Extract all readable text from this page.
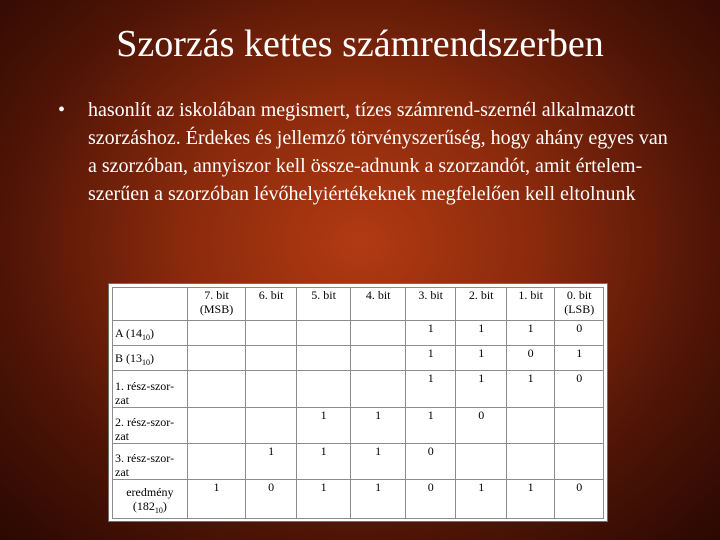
Szorzás kettes számrendszerben
• hasonlít az iskolában megismert, tízes számrend-szernél alkalmazott szorzáshoz. Érdekes és jellemző törvényszerűség, hogy ahány egyes van a szorzóban, annyiszor kell össze-adnunk a szorzandót, amit értelem-szerűen a szorzóban lévőhelyiértékeknek megfelelően kell eltolnunk
	7. bit (MSB)	6. bit	5. bit	4. bit	3. bit	2. bit	1. bit	0. bit (LSB)
A $(14_{10})$					1	1	1	0
B $(13_{10})$					1	1	0	1
1. rész-szor-zat					1	1	1	0
2. rész-szor-zat			1	1	1	0		
3. rész-szor-zat		1	1	1	0			
eredmény $(182_{10})$	1	0	1	1	0	1	1	0
